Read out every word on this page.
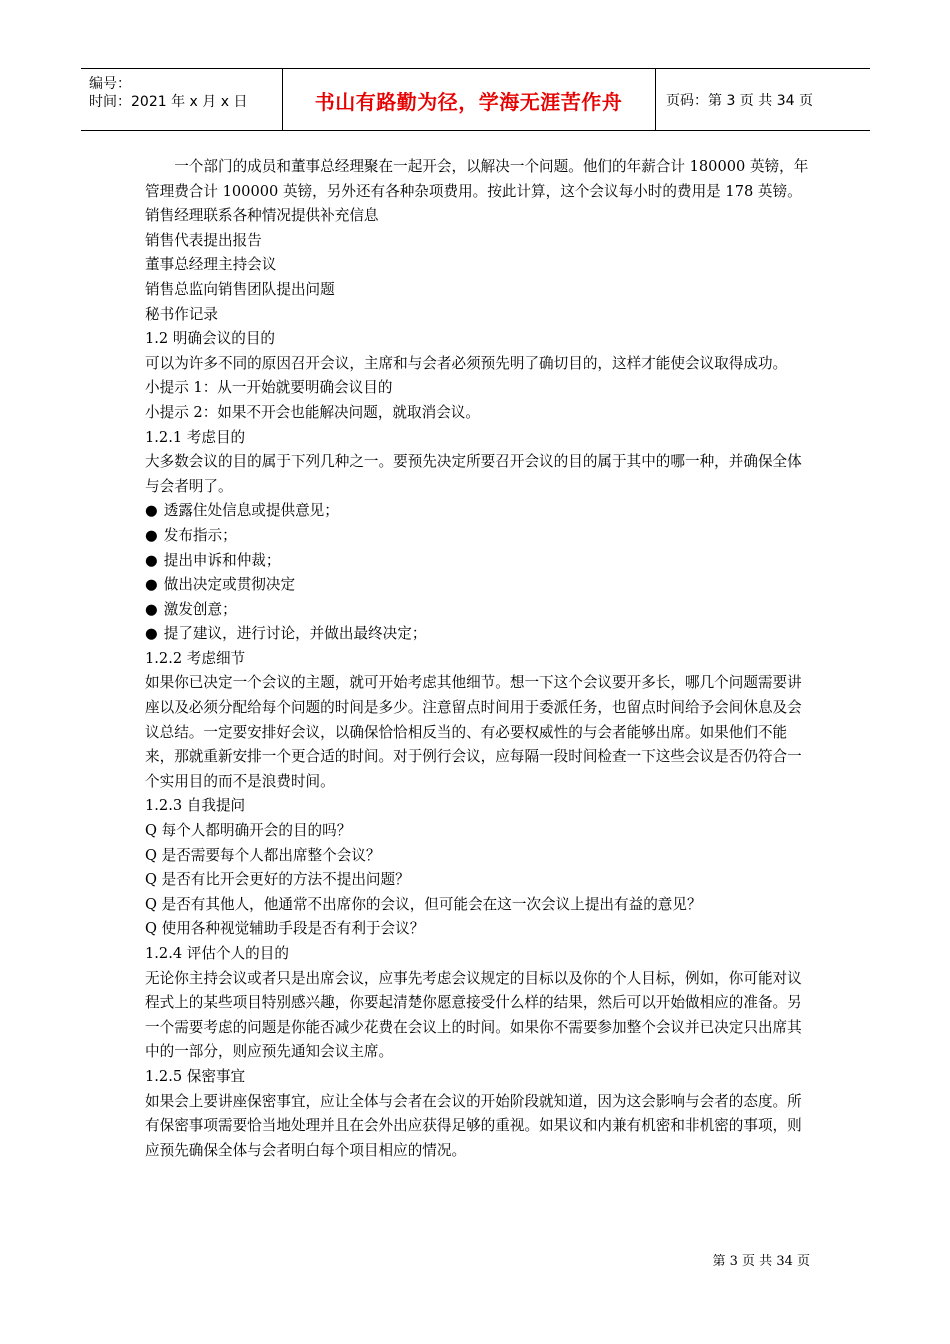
编号：
时间：2021 年 x 月 x 日	书山有路勤为径，学海无涯苦作舟	页码：第 3 页 共 34 页

一个部门的成员和董事总经理聚在一起开会，以解决一个问题。他们的年薪合计 180000 英镑，年管理费合计 100000 英镑，另外还有各种杂项费用。按此计算，这个会议每小时的费用是 178 英镑。

销售经理联系各种情况提供补充信息

销售代表提出报告

董事总经理主持会议

销售总监向销售团队提出问题

秘书作记录

1.2 明确会议的目的

可以为许多不同的原因召开会议，主席和与会者必须预先明了确切目的，这样才能使会议取得成功。

小提示 1：从一开始就要明确会议目的

小提示 2：如果不开会也能解决问题，就取消会议。

1.2.1 考虑目的

大多数会议的目的属于下列几种之一。要预先决定所要召开会议的目的属于其中的哪一种，并确保全体与会者明了。

● 透露住处信息或提供意见；

● 发布指示；

● 提出申诉和仲裁；

● 做出决定或贯彻决定

● 激发创意；

● 提了建议，进行讨论，并做出最终决定；

1.2.2 考虑细节

如果你已决定一个会议的主题，就可开始考虑其他细节。想一下这个会议要开多长，哪几个问题需要讲座以及必须分配给每个问题的时间是多少。注意留点时间用于委派任务，也留点时间给予会间休息及会议总结。一定要安排好会议，以确保恰恰相反当的、有必要权威性的与会者能够出席。如果他们不能来，那就重新安排一个更合适的时间。对于例行会议，应每隔一段时间检查一下这些会议是否仍符合一个实用目的而不是浪费时间。

1.2.3 自我提问

Q 每个人都明确开会的目的吗？

Q 是否需要每个人都出席整个会议？

Q 是否有比开会更好的方法不提出问题？

Q 是否有其他人，他通常不出席你的会议，但可能会在这一次会议上提出有益的意见？

Q 使用各种视觉辅助手段是否有利于会议？

1.2.4 评估个人的目的

无论你主持会议或者只是出席会议，应事先考虑会议规定的目标以及你的个人目标，例如，你可能对议程式上的某些项目特别感兴趣，你要起清楚你愿意接受什么样的结果，然后可以开始做相应的准备。另一个需要考虑的问题是你能否减少花费在会议上的时间。如果你不需要参加整个会议并已决定只出席其中的一部分，则应预先通知会议主席。

1.2.5 保密事宜

如果会上要讲座保密事宜，应让全体与会者在会议的开始阶段就知道，因为这会影响与会者的态度。所有保密事项需要恰当地处理并且在会外出应获得足够的重视。如果议和内兼有机密和非机密的事项，则应预先确保全体与会者明白每个项目相应的情况。

第 3 页 共 34 页
